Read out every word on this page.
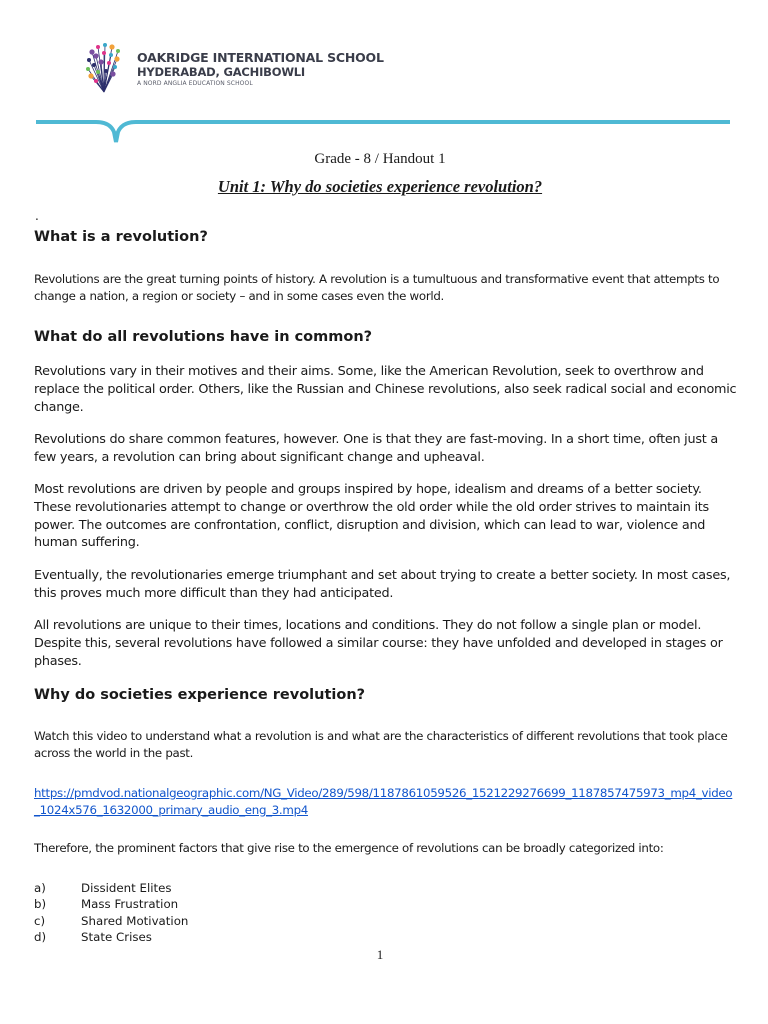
OAKRIDGE INTERNATIONAL SCHOOL
HYDERABAD, GACHIBOWLI
A NORD ANGLIA EDUCATION SCHOOL
Grade - 8 / Handout 1
Unit 1: Why do societies experience revolution?
.
What is a revolution?
Revolutions are the great turning points of history. A revolution is a tumultuous and transformative event that attempts to change a nation, a region or society – and in some cases even the world.
What do all revolutions have in common?
Revolutions vary in their motives and their aims. Some, like the American Revolution, seek to overthrow and replace the political order. Others, like the Russian and Chinese revolutions, also seek radical social and economic change.
Revolutions do share common features, however. One is that they are fast-moving. In a short time, often just a few years, a revolution can bring about significant change and upheaval.
Most revolutions are driven by people and groups inspired by hope, idealism and dreams of a better society. These revolutionaries attempt to change or overthrow the old order while the old order strives to maintain its power. The outcomes are confrontation, conflict, disruption and division, which can lead to war, violence and human suffering.
Eventually, the revolutionaries emerge triumphant and set about trying to create a better society. In most cases, this proves much more difficult than they had anticipated.
All revolutions are unique to their times, locations and conditions. They do not follow a single plan or model. Despite this, several revolutions have followed a similar course: they have unfolded and developed in stages or phases.
Why do societies experience revolution?
Watch this video to understand what a revolution is and what are the characteristics of different revolutions that took place across the world in the past.
https://pmdvod.nationalgeographic.com/NG_Video/289/598/1187861059526_1521229276699_1187857475973_mp4_video_1024x576_1632000_primary_audio_eng_3.mp4
Therefore, the prominent factors that give rise to the emergence of revolutions can be broadly categorized into:
a)	Dissident Elites
b)	Mass Frustration
c)	Shared Motivation
d)	State Crises
1
